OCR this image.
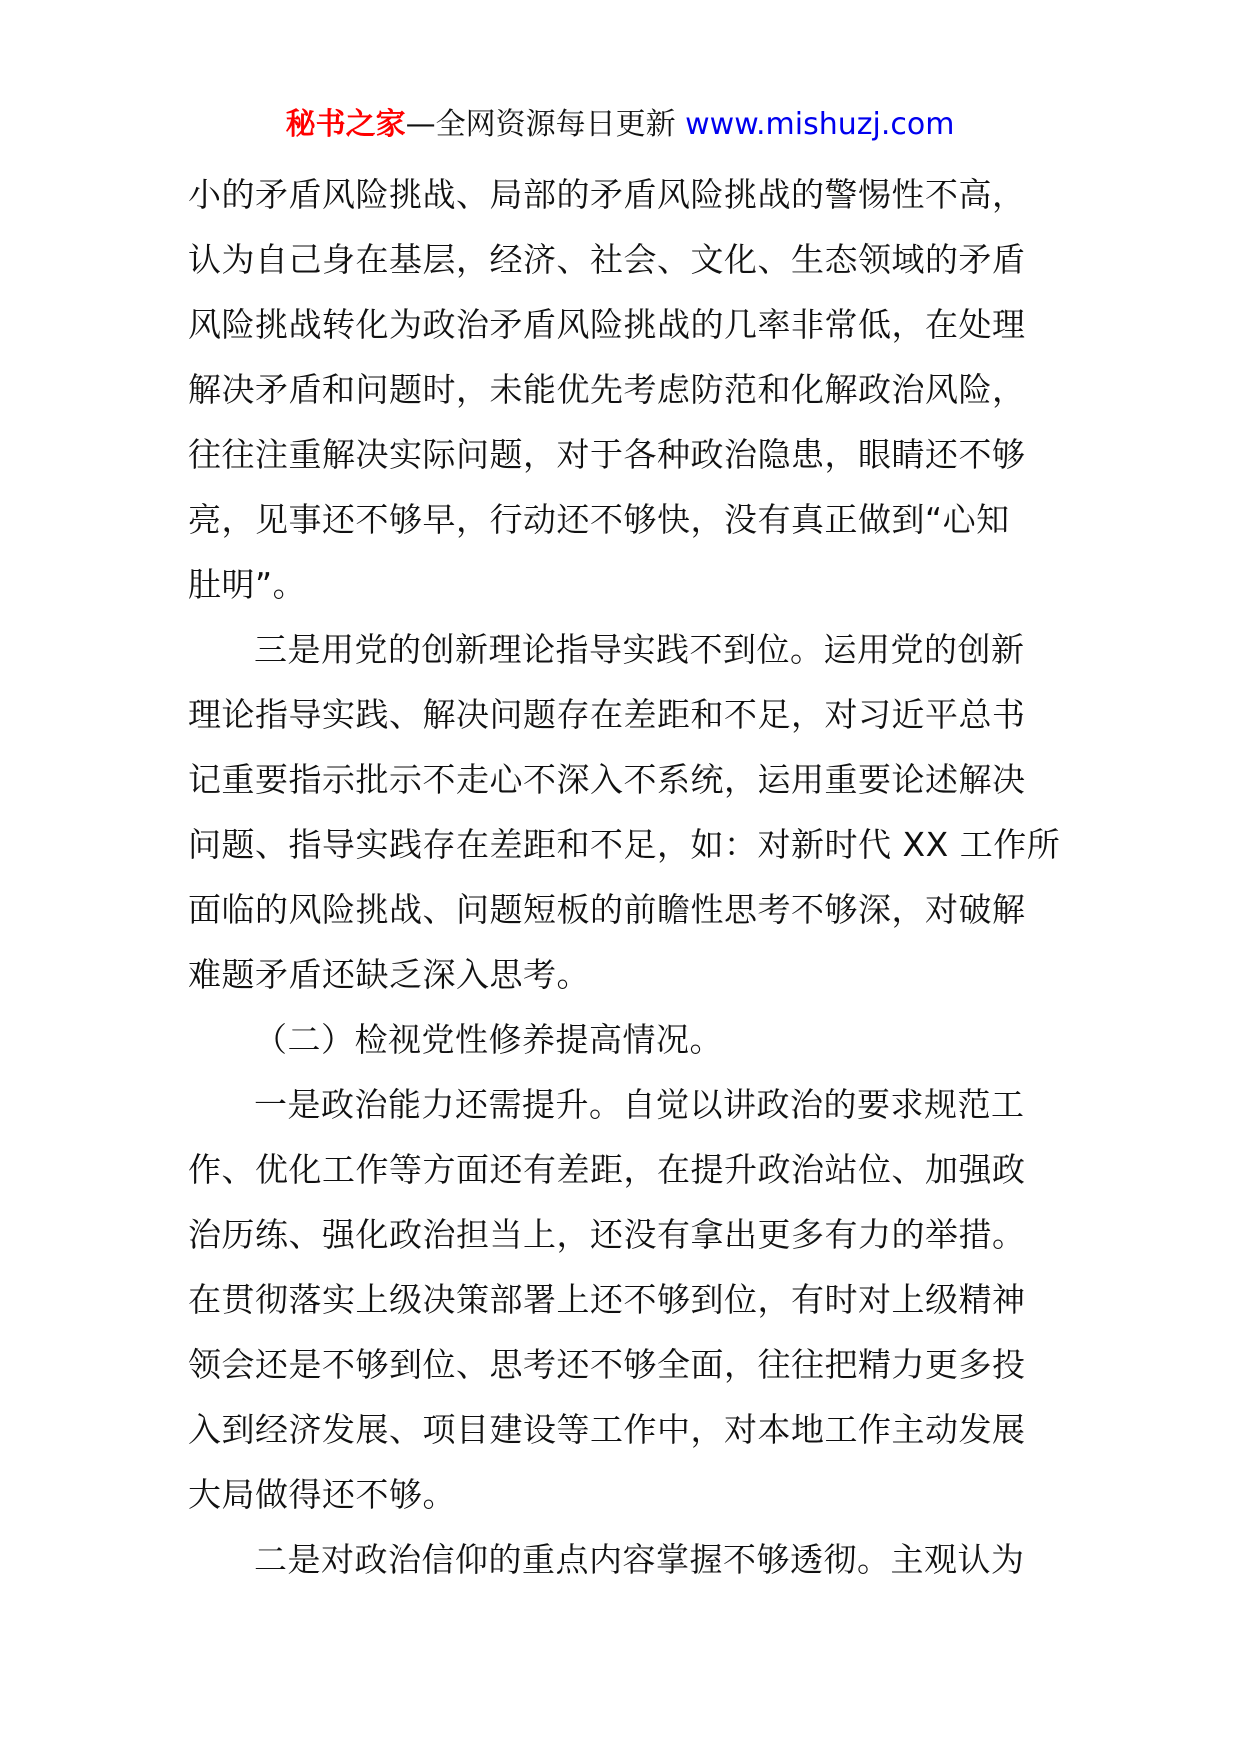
秘书之家—全网资源每日更新 www.mishuzj.com
小的矛盾风险挑战、局部的矛盾风险挑战的警惕性不高，
认为自己身在基层，经济、社会、文化、生态领域的矛盾
风险挑战转化为政治矛盾风险挑战的几率非常低，在处理
解决矛盾和问题时，未能优先考虑防范和化解政治风险，
往往注重解决实际问题，对于各种政治隐患，眼睛还不够
亮，见事还不够早，行动还不够快，没有真正做到“心知
肚明”。
三是用党的创新理论指导实践不到位。运用党的创新
理论指导实践、解决问题存在差距和不足，对习近平总书
记重要指示批示不走心不深入不系统，运用重要论述解决
问题、指导实践存在差距和不足，如：对新时代 XX 工作所
面临的风险挑战、问题短板的前瞻性思考不够深，对破解
难题矛盾还缺乏深入思考。
（二）检视党性修养提高情况。
一是政治能力还需提升。自觉以讲政治的要求规范工
作、优化工作等方面还有差距，在提升政治站位、加强政
治历练、强化政治担当上，还没有拿出更多有力的举措。
在贯彻落实上级决策部署上还不够到位，有时对上级精神
领会还是不够到位、思考还不够全面，往往把精力更多投
入到经济发展、项目建设等工作中，对本地工作主动发展
大局做得还不够。
二是对政治信仰的重点内容掌握不够透彻。主观认为
